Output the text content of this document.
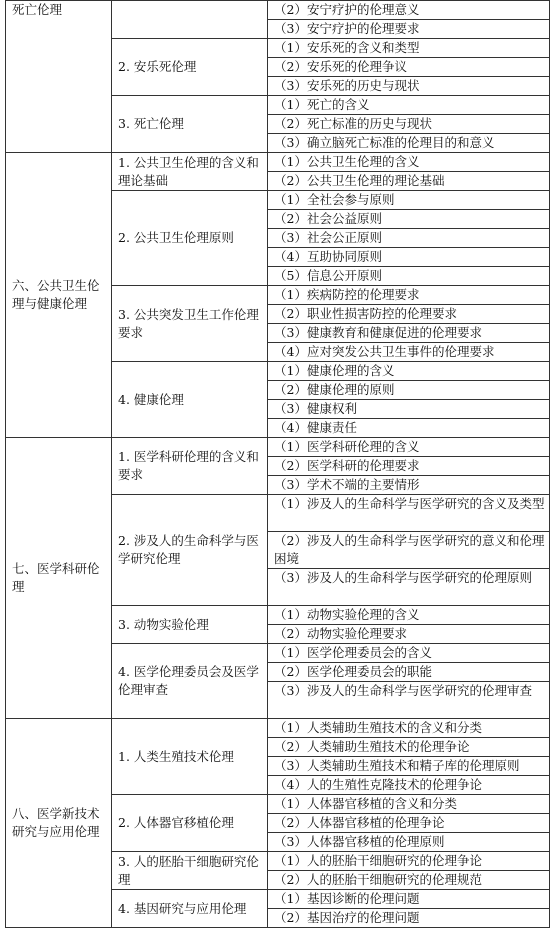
死亡伦理		（2）安宁疗护的伦理意义
		（3）安宁疗护的伦理要求
	2. 安乐死伦理	（1）安乐死的含义和类型
		（2）安乐死的伦理争议
		（3）安乐死的历史与现状
	3. 死亡伦理	（1）死亡的含义
		（2）死亡标准的历史与现状
		（3）确立脑死亡标准的伦理目的和意义
六、公共卫生伦理与健康伦理	1. 公共卫生伦理的含义和理论基础	（1）公共卫生伦理的含义
		（2）公共卫生伦理的理论基础
	2. 公共卫生伦理原则	（1）全社会参与原则
		（2）社会公益原则
		（3）社会公正原则
		（4）互助协同原则
		（5）信息公开原则
	3. 公共突发卫生工作伦理要求	（1）疾病防控的伦理要求
		（2）职业性损害防控的伦理要求
		（3）健康教育和健康促进的伦理要求
		（4）应对突发公共卫生事件的伦理要求
	4. 健康伦理	（1）健康伦理的含义
		（2）健康伦理的原则
		（3）健康权利
		（4）健康责任
七、医学科研伦理	1. 医学科研伦理的含义和要求	（1）医学科研伦理的含义
		（2）医学科研的伦理要求
		（3）学术不端的主要情形
	2. 涉及人的生命科学与医学研究伦理	（1）涉及人的生命科学与医学研究的含义及类型
		（2）涉及人的生命科学与医学研究的意义和伦理困境
		（3）涉及人的生命科学与医学研究的伦理原则
	3. 动物实验伦理	（1）动物实验伦理的含义
		（2）动物实验伦理要求
	4. 医学伦理委员会及医学伦理审查	（1）医学伦理委员会的含义
		（2）医学伦理委员会的职能
		（3）涉及人的生命科学与医学研究的伦理审查
八、医学新技术研究与应用伦理	1. 人类生殖技术伦理	（1）人类辅助生殖技术的含义和分类
		（2）人类辅助生殖技术的伦理争论
		（3）人类辅助生殖技术和精子库的伦理原则
		（4）人的生殖性克隆技术的伦理争论
	2. 人体器官移植伦理	（1）人体器官移植的含义和分类
		（2）人体器官移植的伦理争论
		（3）人体器官移植的伦理原则
	3. 人的胚胎干细胞研究伦理	（1）人的胚胎干细胞研究的伦理争论
		（2）人的胚胎干细胞研究的伦理规范
	4. 基因研究与应用伦理	（1）基因诊断的伦理问题
		（2）基因治疗的伦理问题
